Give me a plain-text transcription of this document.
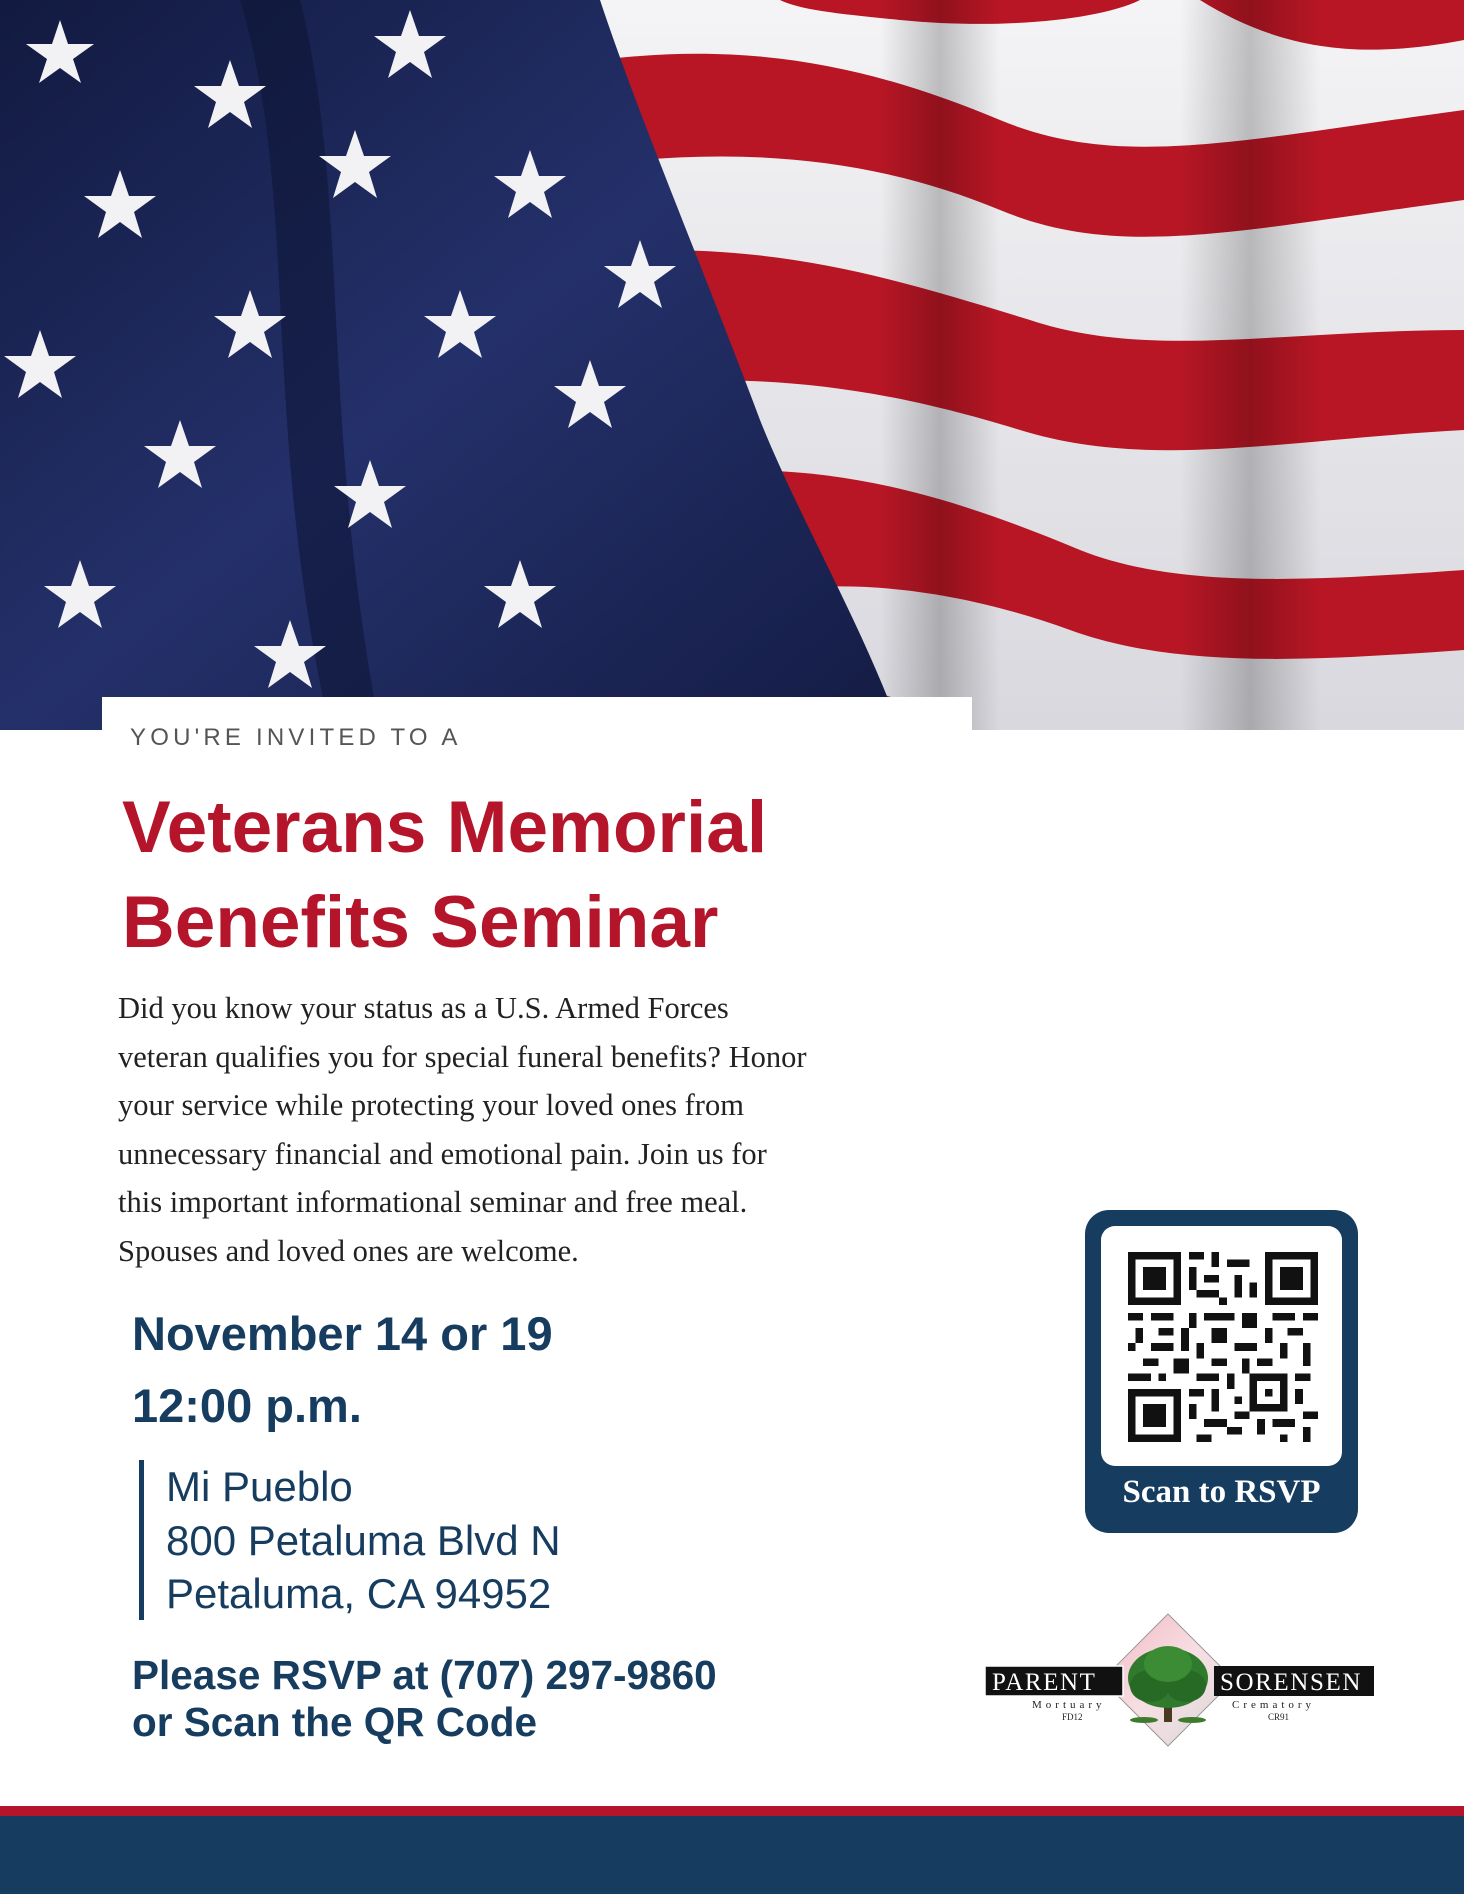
YOU'RE INVITED TO A
Veterans Memorial
Benefits Seminar
Did you know your status as a U.S. Armed Forces
veteran qualifies you for special funeral benefits? Honor
your service while protecting your loved ones from
unnecessary financial and emotional pain. Join us for
this important informational seminar and free meal.
Spouses and loved ones are welcome.
November 14 or 19
12:00 p.m.
Mi Pueblo
800 Petaluma Blvd N
Petaluma, CA 94952
Please RSVP at (707) 297-9860
or Scan the QR Code
Scan to RSVP
PARENT	SORENSEN
Mortuary	Crematory
FD12	CR91
